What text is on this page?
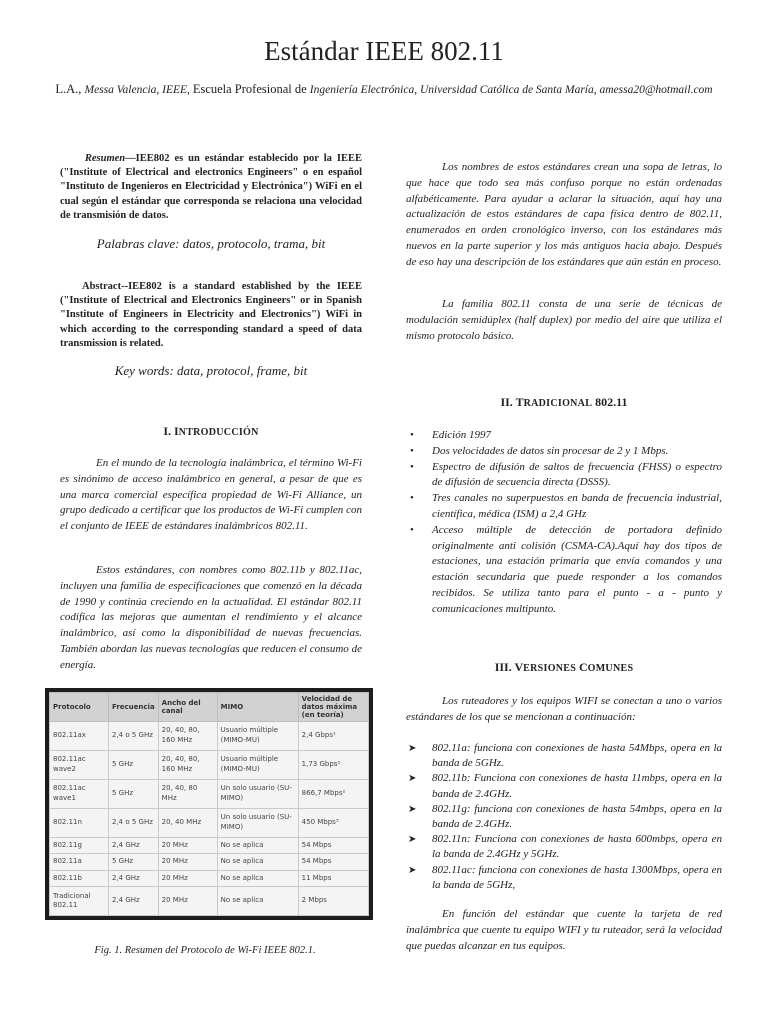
Estándar IEEE 802.11
L.A., Messa Valencia, IEEE, Escuela Profesional de Ingeniería Electrónica, Universidad Católica de Santa María, amessa20@hotmail.com
Resumen—IEE802 es un estándar establecido por la IEEE ("Institute of Electrical and electronics Engineers" o en español "Instituto de Ingenieros en Electricidad y Electrónica") WiFi en el cual según el estándar que corresponda se relaciona una velocidad de transmisión de datos.
Palabras clave: datos, protocolo, trama, bit
Abstract--IEE802 is a standard established by the IEEE ("Institute of Electrical and Electronics Engineers" or in Spanish "Institute of Engineers in Electricity and Electronics") WiFi in which according to the corresponding standard a speed of data transmission is related.
Key words: data, protocol, frame, bit
I. INTRODUCCIÓN
En el mundo de la tecnología inalámbrica, el término Wi-Fi es sinónimo de acceso inalámbrico en general, a pesar de que es una marca comercial específica propiedad de Wi-Fi Alliance, un grupo dedicado a certificar que los productos de Wi-Fi cumplen con el conjunto de IEEE de estándares inalámbricos 802.11.
Estos estándares, con nombres como 802.11b y 802.11ac, incluyen una familia de especificaciones que comenzó en la década de 1990 y continúa creciendo en la actualidad. El estándar 802.11 codifica las mejoras que aumentan el rendimiento y el alcance inalámbrico, así como la disponibilidad de nuevas frecuencias. También abordan las nuevas tecnologías que reducen el consumo de energía.
Protocolo	Frecuencia	Ancho del canal	MIMO	Velocidad de datos máxima (en teoría)
802.11ax	2,4 o 5 GHz	20, 40, 80, 160 MHz	Usuario múltiple (MIMO-MU)	2,4 Gbps¹
802.11ac wave2	5 GHz	20, 40, 80, 160 MHz	Usuario múltiple (MIMO-MU)	1,73 Gbps²
802.11ac wave1	5 GHz	20, 40, 80 MHz	Un solo usuario (SU-MIMO)	866,7 Mbps²
802.11n	2,4 o 5 GHz	20, 40 MHz	Un solo usuario (SU-MIMO)	450 Mbps³
802.11g	2,4 GHz	20 MHz	No se aplica	54 Mbps
802.11a	5 GHz	20 MHz	No se aplica	54 Mbps
802.11b	2,4 GHz	20 MHz	No se aplica	11 Mbps
Tradicional 802.11	2,4 GHz	20 MHz	No se aplica	2 Mbps
Fig. 1. Resumen del Protocolo de Wi-Fi IEEE 802.1.
Los nombres de estos estándares crean una sopa de letras, lo que hace que todo sea más confuso porque no están ordenadas alfabéticamente. Para ayudar a aclarar la situación, aquí hay una actualización de estos estándares de capa física dentro de 802.11, enumerados en orden cronológico inverso, con los estándares más nuevos en la parte superior y los más antiguos hacia abajo. Después de eso hay una descripción de los estándares que aún están en proceso.
La familia 802.11 consta de una serie de técnicas de modulación semidúplex (half duplex) por medio del aire que utiliza el mismo protocolo básico.
II. TRADICIONAL 802.11
• Edición 1997
• Dos velocidades de datos sin procesar de 2 y 1 Mbps.
• Espectro de difusión de saltos de frecuencia (FHSS) o espectro de difusión de secuencia directa (DSSS).
• Tres canales no superpuestos en banda de frecuencia industrial, científica, médica (ISM) a 2,4 GHz
• Acceso múltiple de detección de portadora definido originalmente anti colisión (CSMA-CA).Aquí hay dos tipos de estaciones, una estación primaria que envía comandos y una estación secundaria que puede responder a los comandos recibidos. Se utiliza tanto para el punto - a - punto y comunicaciones multipunto.
III. VERSIONES COMUNES
Los ruteadores y los equipos WIFI se conectan a uno o varios estándares de los que se mencionan a continuación:
➤ 802.11a: funciona con conexiones de hasta 54Mbps, opera en la banda de 5GHz.
➤ 802.11b: Funciona con conexiones de hasta 11mbps, opera en la banda de 2.4GHz.
➤ 802.11g: funciona con conexiones de hasta 54mbps, opera en la banda de 2.4GHz.
➤ 802.11n: Funciona con conexiones de hasta 600mbps, opera en la banda de 2.4GHz y 5GHz.
➤ 802.11ac: funciona con conexiones de hasta 1300Mbps, opera en la banda de 5GHz,
En función del estándar que cuente la tarjeta de red inalámbrica que cuente tu equipo WIFI y tu ruteador, será la velocidad que puedas alcanzar en tus equipos.
